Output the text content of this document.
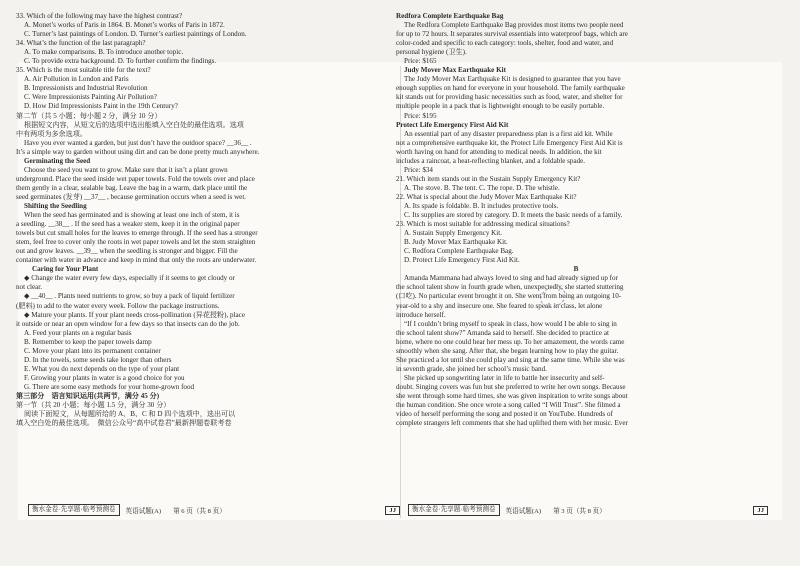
33. Which of the following may have the highest contrast?

A. Monet’s works of Paris in 1864. B. Monet’s works of Paris in 1872.

C. Turner’s last paintings of London. D. Turner’s earliest paintings of London.

34. What’s the function of the last paragraph?

A. To make comparisons. B. To introduce another topic.

C. To provide extra background. D. To further confirm the findings.

35. Which is the most suitable title for the text?

A. Air Pollution in London and Paris

B. Impressionists and Industrial Revolution

C. Were Impressionists Painting Air Pollution?

D. How Did Impressionists Paint in the 19th Century?

第二节（共 5 小题；每小题 2 分，满分 10 分）

根据短文内容，从短文后的选项中选出能填入空白处的最佳选项。选项

中有两项为多余选项。

Have you ever wanted a garden, but just don’t have the outdoor space? __36__ .

It’s a simple way to garden without using dirt and can be done pretty much anywhere.

Germinating the Seed

Choose the seed you want to grow. Make sure that it isn’t a plant grown

underground. Place the seed inside wet paper towels. Fold the towels over and place

them gently in a clear, sealable bag. Leave the bag in a warm, dark place until the

seed germinates (发芽) __37__ , because germination occurs when a seed is wet.

Shifting the Seedling

When the seed has germinated and is showing at least one inch of stem, it is

a seedling. __38__ . If the seed has a weaker stem, keep it in the original paper

towels but cut small holes for the leaves to emerge through. If the seed has a stronger

stem, feel free to cover only the roots in wet paper towels and let the stem straighten

out and grow leaves. __39__ when the seedling is stronger and bigger. Fill the

container with water in advance and keep in mind that only the roots are underwater.

Caring for Your Plant

◆ Change the water every few days, especially if it seems to get cloudy or

not clear.

◆ __40__ . Plants need nutrients to grow, so buy a pack of liquid fertilizer

(肥料) to add to the water every week. Follow the package instructions.

◆ Mature your plants. If your plant needs cross-pollination (异花授粉), place

it outside or near an open window for a few days so that insects can do the job.

A. Feed your plants on a regular basis

B. Remember to keep the paper towels damp

C. Move your plant into its permanent container

D. In the towels, some seeds take longer than others

E. What you do next depends on the type of your plant

F. Growing your plants in water is a good choice for you

G. There are some easy methods for your home-grown food

第三部分　语言知识运用(共两节，满分 45 分)

第一节（共 20 小题；每小题 1.5 分，满分 30 分）

阅读下面短文，从每题所给的 A、B、C 和 D 四个选项中，选出可以

填入空白处的最佳选项。　微信公众号“高中试卷君”最新押题卷联考卷

Redfora Complete Earthquake Bag

The Redfora Complete Earthquake Bag provides most items two people need

for up to 72 hours. It separates survival essentials into waterproof bags, which are

color-coded and specific to each category: tools, shelter, food and water, and

personal hygiene (卫生).

Price: $165

Judy Mover Max Earthquake Kit

The Judy Mover Max Earthquake Kit is designed to guarantee that you have

enough supplies on hand for everyone in your household. The family earthquake

kit stands out for providing basic necessities such as food, water, and shelter for

multiple people in a pack that is lightweight enough to be easily portable.

Price: $195

Protect Life Emergency First Aid Kit

An essential part of any disaster preparedness plan is a first aid kit. While

not a comprehensive earthquake kit, the Protect Life Emergency First Aid Kit is

worth having on hand for attending to medical needs. In addition, the kit

includes a raincoat, a heat-reflecting blanket, and a foldable spade.

Price: $34

21. Which item stands out in the Sustain Supply Emergency Kit?

A. The stove. B. The tent. C. The rope. D. The whistle.

22. What is special about the Judy Mover Max Earthquake Kit?

A. Its spade is foldable. B. It includes protective tools.

C. Its supplies are stored by category. D. It meets the basic needs of a family.

23. Which is most suitable for addressing medical situations?

A. Sustain Supply Emergency Kit.

B. Judy Mover Max Earthquake Kit.

C. Redfora Complete Earthquake Bag.

D. Protect Life Emergency First Aid Kit.

B

Amanda Mammana had always loved to sing and had already signed up for

the school talent show in fourth grade when, unexpectedly, she started stuttering

(口吃). No particular event brought it on. She went from being an outgoing 10-

year-old to a shy and insecure one. She feared to speak in class, let alone

introduce herself.

“If I couldn’t bring myself to speak in class, how would I be able to sing in

the school talent show?” Amanda said to herself. She decided to practice at

home, where no one could hear her mess up. To her amazement, the words came

smoothly when she sang. After that, she began learning how to play the guitar.

She practiced a lot until she could play and sing at the same time. While she was

in seventh grade, she joined her school’s music band.

She picked up songwriting later in life to battle her insecurity and self-

doubt. Singing covers was fun but she preferred to write her own songs. Because

she went through some hard times, she was given inspiration to write songs about

the human condition. She once wrote a song called “I Will Trust”. She filmed a

video of herself performing the song and posted it on YouTube. Hundreds of

complete strangers left comments that she had uplifted them with her music. Ever

衡水金卷·先享题·临考预测卷	英语试题(A) 第 6 页（共 8 页）	JJ	衡水金卷·先享题·临考预测卷	英语试题(A) 第 3 页（共 8 页）	JJ
